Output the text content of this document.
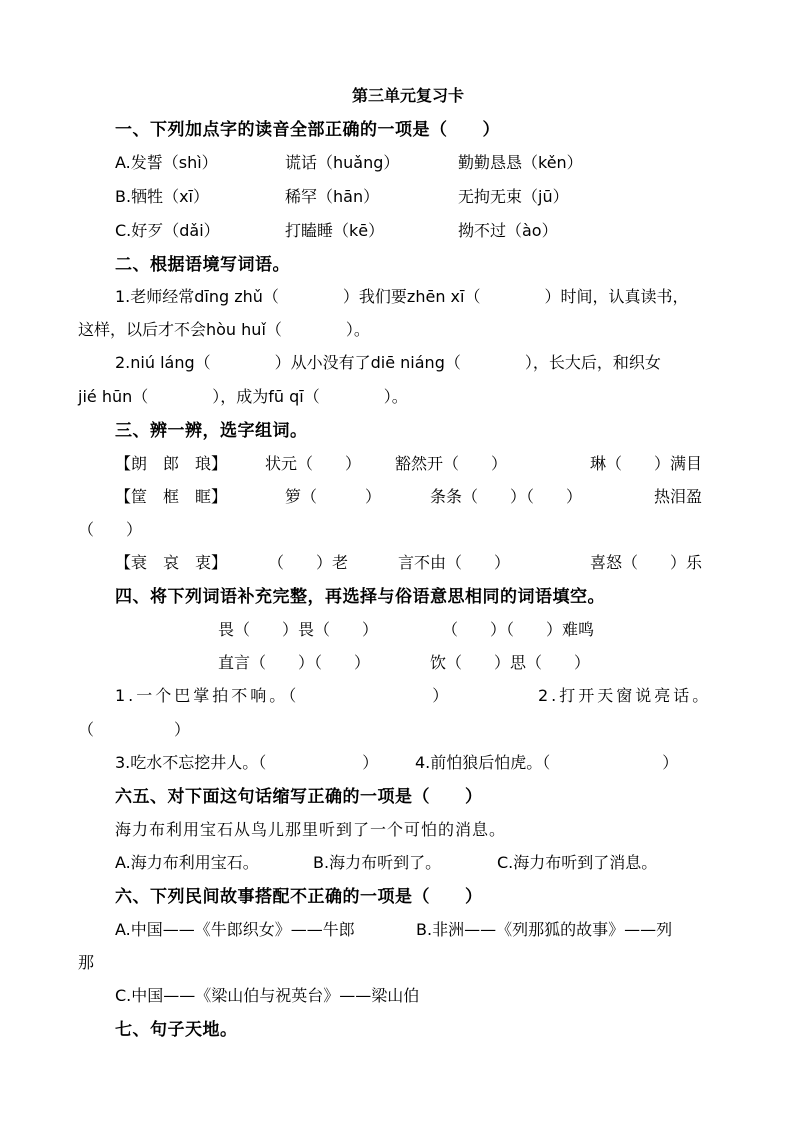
第三单元复习卡
一、下列加点字的读音全部正确的一项是（　　）
A.发誓（shì）	谎话（huǎng）	勤勤恳恳（kěn）
B.牺牲（xī）	稀罕（hān）	无拘无束（jū）
C.好歹（dǎi）	打瞌睡（kē）	拗不过（ào）
二、根据语境写词语。
1.老师经常dīng zhǔ（　　　　）我们要zhēn xī（　　　　）时间，认真读书，
这样，以后才不会hòu huǐ（　　　　）。
2.niú láng（　　　　）从小没有了diē niáng（　　　　），长大后，和织女
jié hūn（　　　　），成为fū qī（　　　　）。
三、辨一辨，选字组词。
【朗　郎　琅】 状元（　　） 豁然开（　　）	琳（　　）满目
【筐　框　眶】	箩（　　　）	条条（　　）（　　）	热泪盈
（　　）
【衰　哀　衷】	（　　）老	言不由（　　）	喜怒（　　）乐
四、将下列词语补充完整，再选择与俗语意思相同的词语填空。
畏（　　）畏（　　）	（　　）（　　）难鸣
直言（　　）（　　）	饮（　　）思（　　）
1.一个巴掌拍不响。（　　　　　　　）	2.打开天窗说亮话。
（　　　　　）
3.吃水不忘挖井人。（　　　　　　） 4.前怕狼后怕虎。（　　　　　　　）
六五、对下面这句话缩写正确的一项是（　　）
海力布利用宝石从鸟儿那里听到了一个可怕的消息。
A.海力布利用宝石。	B.海力布听到了。	C.海力布听到了消息。
六、下列民间故事搭配不正确的一项是（　　）
A.中国——《牛郎织女》——牛郎	B.非洲——《列那狐的故事》——列
那
C.中国——《梁山伯与祝英台》——梁山伯
七、句子天地。
